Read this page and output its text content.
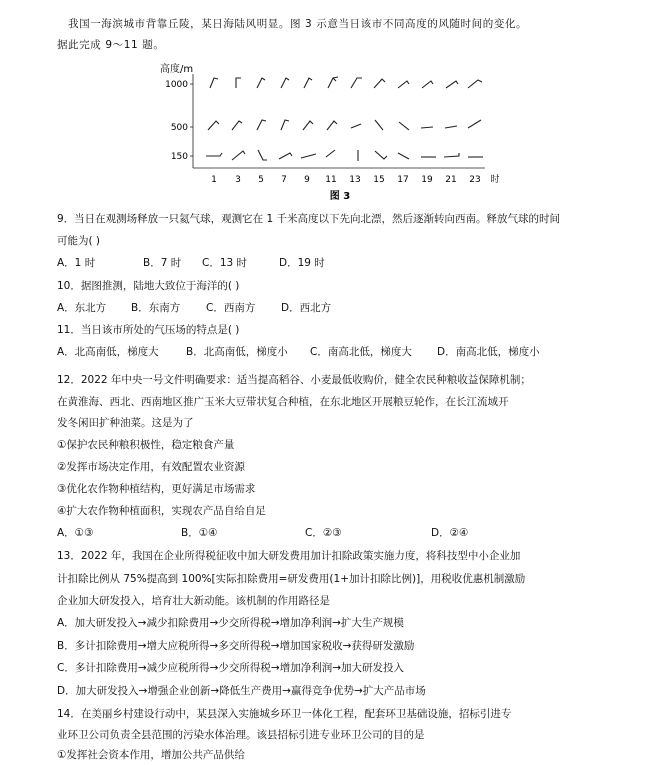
我国一海滨城市背靠丘陵，某日海陆风明显。图 3 示意当日该市不同高度的风随时间的变化。
据此完成 9～11 题。
高度/m
1000
500
150
1 3 5 7 9 11 13 15 17 19 21 23 时
图 3
9．当日在观测场释放一只氦气球，观测它在 1 千米高度以下先向北漂，然后逐渐转向西南。释放气球的时间
可能为( )
A．1 时	B．7 时 C．13 时	D．19 时
10．据图推测，陆地大致位于海洋的( )
A．东北方 B．东南方 C．西南方 D．西北方
11．当日该市所处的气压场的特点是( )
A．北高南低，梯度大	B．北高南低，梯度小 C．南高北低，梯度大 D．南高北低，梯度小
12．2022 年中央一号文件明确要求：适当提高稻谷、小麦最低收购价，健全农民种粮收益保障机制；
在黄淮海、西北、西南地区推广玉米大豆带状复合种植，在东北地区开展粮豆轮作，在长江流域开
发冬闲田扩种油菜。这是为了
①保护农民种粮积极性，稳定粮食产量
②发挥市场决定作用，有效配置农业资源
③优化农作物种植结构，更好满足市场需求
④扩大农作物种植面积，实现农产品自给自足
A．①③	B．①④	C．②③	D．②④
13．2022 年，我国在企业所得税征收中加大研发费用加计扣除政策实施力度，将科技型中小企业加
计扣除比例从 75%提高到 100%[实际扣除费用=研发费用(1+加计扣除比例)]，用税收优惠机制激励
企业加大研发投入，培育壮大新动能。该机制的作用路径是
A．加大研发投入→减少扣除费用→少交所得税→增加净利润→扩大生产规模
B．多计扣除费用→增大应税所得→多交所得税→增加国家税收→获得研发激励
C．多计扣除费用→减少应税所得→少交所得税→增加净利润→加大研发投入
D．加大研发投入→增强企业创新→降低生产费用→赢得竞争优势→扩大产品市场
14．在美丽乡村建设行动中，某县深入实施城乡环卫一体化工程，配套环卫基础设施，招标引进专
业环卫公司负责全县范围的污染水体治理。该县招标引进专业环卫公司的目的是
①发挥社会资本作用，增加公共产品供给
